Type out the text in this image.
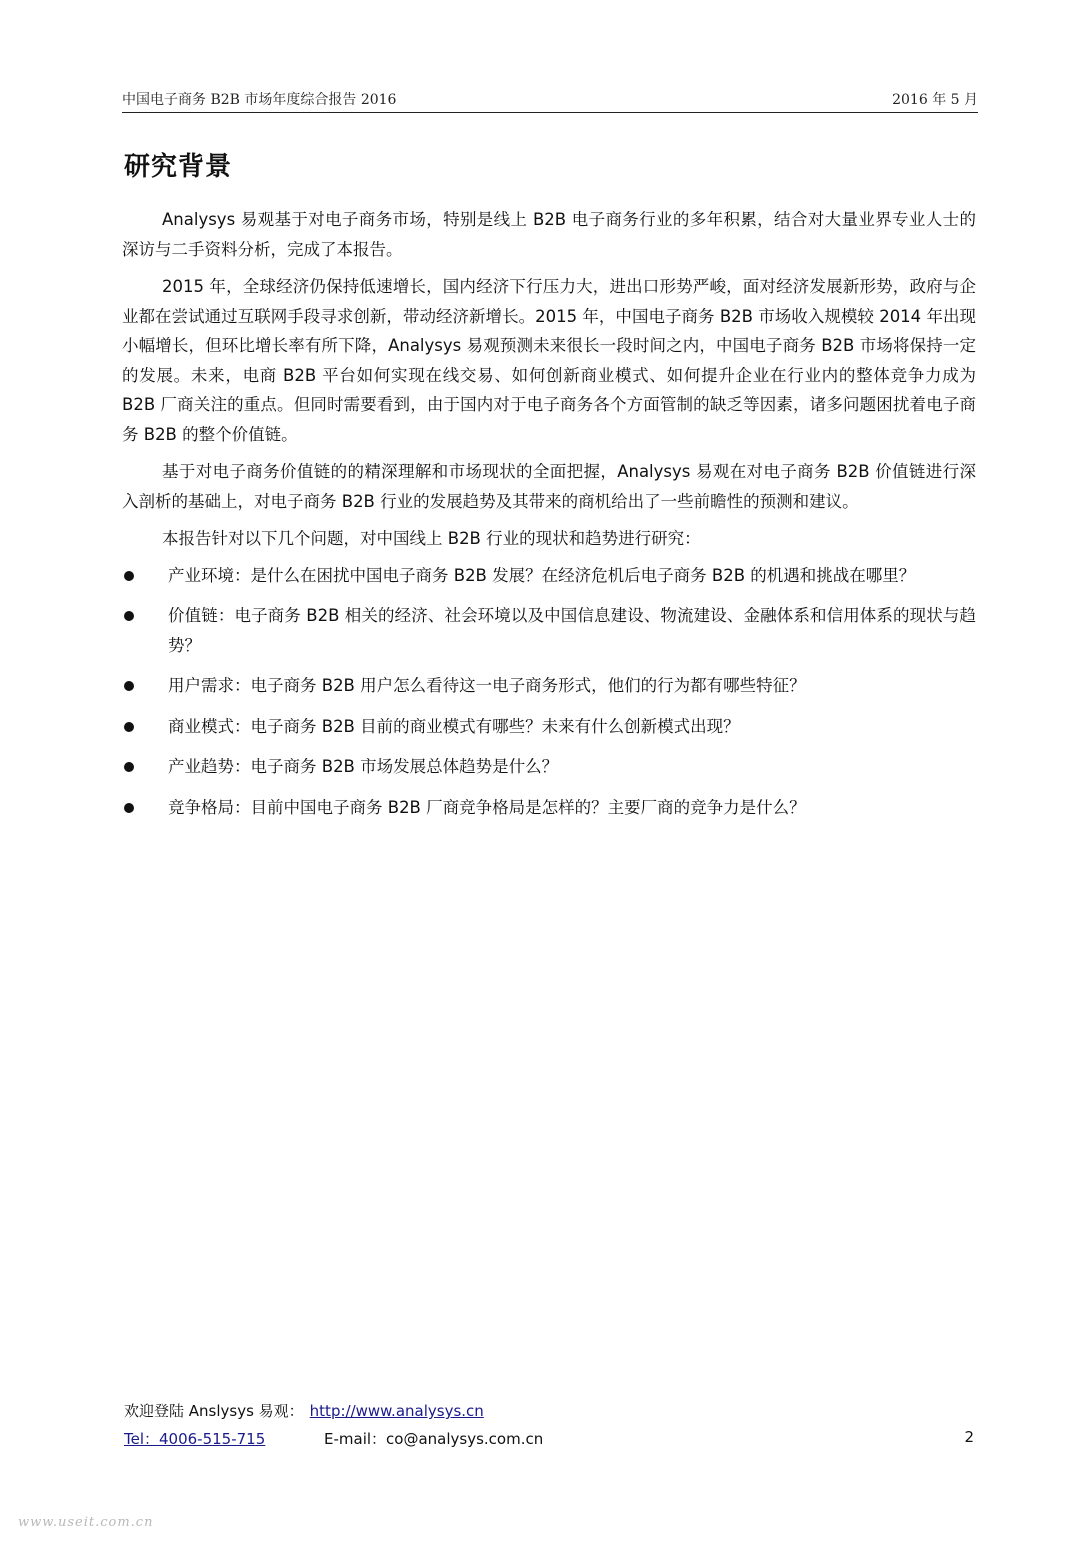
中国电子商务 B2B 市场年度综合报告 2016	2016 年 5 月
研究背景

Analysys 易观基于对电子商务市场，特别是线上 B2B 电子商务行业的多年积累，结合对大量业界专业人士的深访与二手资料分析，完成了本报告。

2015 年，全球经济仍保持低速增长，国内经济下行压力大，进出口形势严峻，面对经济发展新形势，政府与企业都在尝试通过互联网手段寻求创新，带动经济新增长。2015 年，中国电子商务 B2B 市场收入规模较 2014 年出现小幅增长，但环比增长率有所下降，Analysys 易观预测未来很长一段时间之内，中国电子商务 B2B 市场将保持一定的发展。未来，电商 B2B 平台如何实现在线交易、如何创新商业模式、如何提升企业在行业内的整体竞争力成为 B2B 厂商关注的重点。但同时需要看到，由于国内对于电子商务各个方面管制的缺乏等因素，诸多问题困扰着电子商务 B2B 的整个价值链。

基于对电子商务价值链的的精深理解和市场现状的全面把握，Analysys 易观在对电子商务 B2B 价值链进行深入剖析的基础上，对电子商务 B2B 行业的发展趋势及其带来的商机给出了一些前瞻性的预测和建议。

本报告针对以下几个问题，对中国线上 B2B 行业的现状和趋势进行研究：

产业环境：是什么在困扰中国电子商务 B2B 发展？在经济危机后电子商务 B2B 的机遇和挑战在哪里？
价值链：电子商务 B2B 相关的经济、社会环境以及中国信息建设、物流建设、金融体系和信用体系的现状与趋势？
用户需求：电子商务 B2B 用户怎么看待这一电子商务形式，他们的行为都有哪些特征？
商业模式：电子商务 B2B 目前的商业模式有哪些？未来有什么创新模式出现？
产业趋势：电子商务 B2B 市场发展总体趋势是什么？
竞争格局：目前中国电子商务 B2B 厂商竞争格局是怎样的？主要厂商的竞争力是什么？
欢迎登陆 Anslysys 易观： http://www.analysys.cn
Tel：4006-515-715	E-mail：co@analysys.com.cn	2
www.useit.com.cn
